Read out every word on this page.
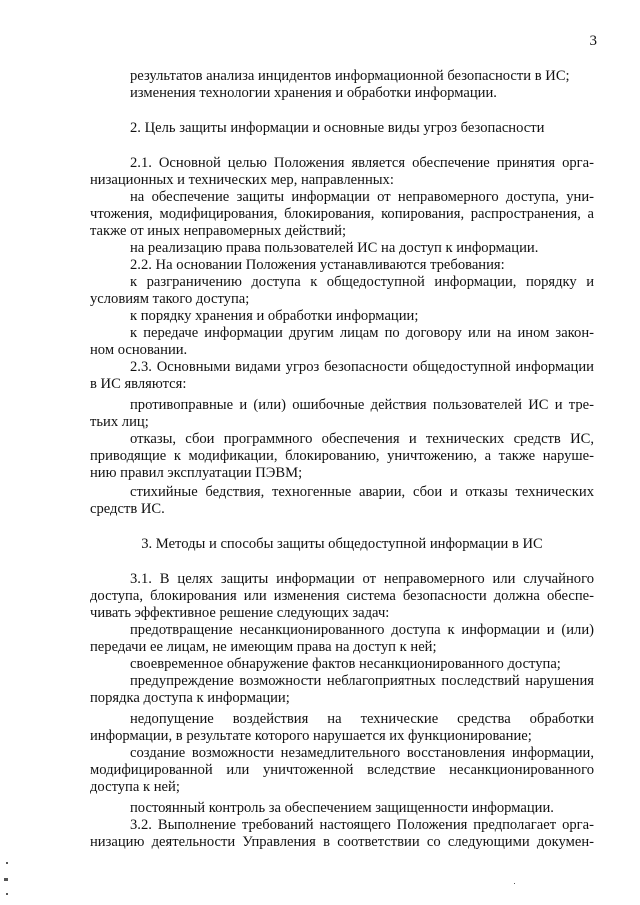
3
результатов анализа инцидентов информационной безопасности в ИС;
изменения технологии хранения и обработки информации.
2. Цель защиты информации и основные виды угроз безопасности
2.1. Основной целью Положения является обеспечение принятия орга-
низационных и технических мер, направленных:
на обеспечение защиты информации от неправомерного доступа, уни-
чтожения, модифицирования, блокирования, копирования, распространения, а
также от иных неправомерных действий;
на реализацию права пользователей ИС на доступ к информации.
2.2. На основании Положения устанавливаются требования:
к разграничению доступа к общедоступной информации, порядку и
условиям такого доступа;
к порядку хранения и обработки информации;
к передаче информации другим лицам по договору или на ином закон-
ном основании.
2.3. Основными видами угроз безопасности общедоступной информации
в ИС являются:
противоправные и (или) ошибочные действия пользователей ИС и тре-
тьих лиц;
отказы, сбои программного обеспечения и технических средств ИС,
приводящие к модификации, блокированию, уничтожению, а также наруше-
нию правил эксплуатации ПЭВМ;
стихийные бедствия, техногенные аварии, сбои и отказы технических
средств ИС.
3. Методы и способы защиты общедоступной информации в ИС
3.1. В целях защиты информации от неправомерного или случайного
доступа, блокирования или изменения система безопасности должна обеспе-
чивать эффективное решение следующих задач:
предотвращение несанкционированного доступа к информации и (или)
передачи ее лицам, не имеющим права на доступ к ней;
своевременное обнаружение фактов несанкционированного доступа;
предупреждение возможности неблагоприятных последствий нарушения
порядка доступа к информации;
недопущение воздействия на технические средства обработки
информации, в результате которого нарушается их функционирование;
создание возможности незамедлительного восстановления информации,
модифицированной или уничтоженной вследствие несанкционированного
доступа к ней;
постоянный контроль за обеспечением защищенности информации.
3.2. Выполнение требований настоящего Положения предполагает орга-
низацию деятельности Управления в соответствии со следующими докумен-
